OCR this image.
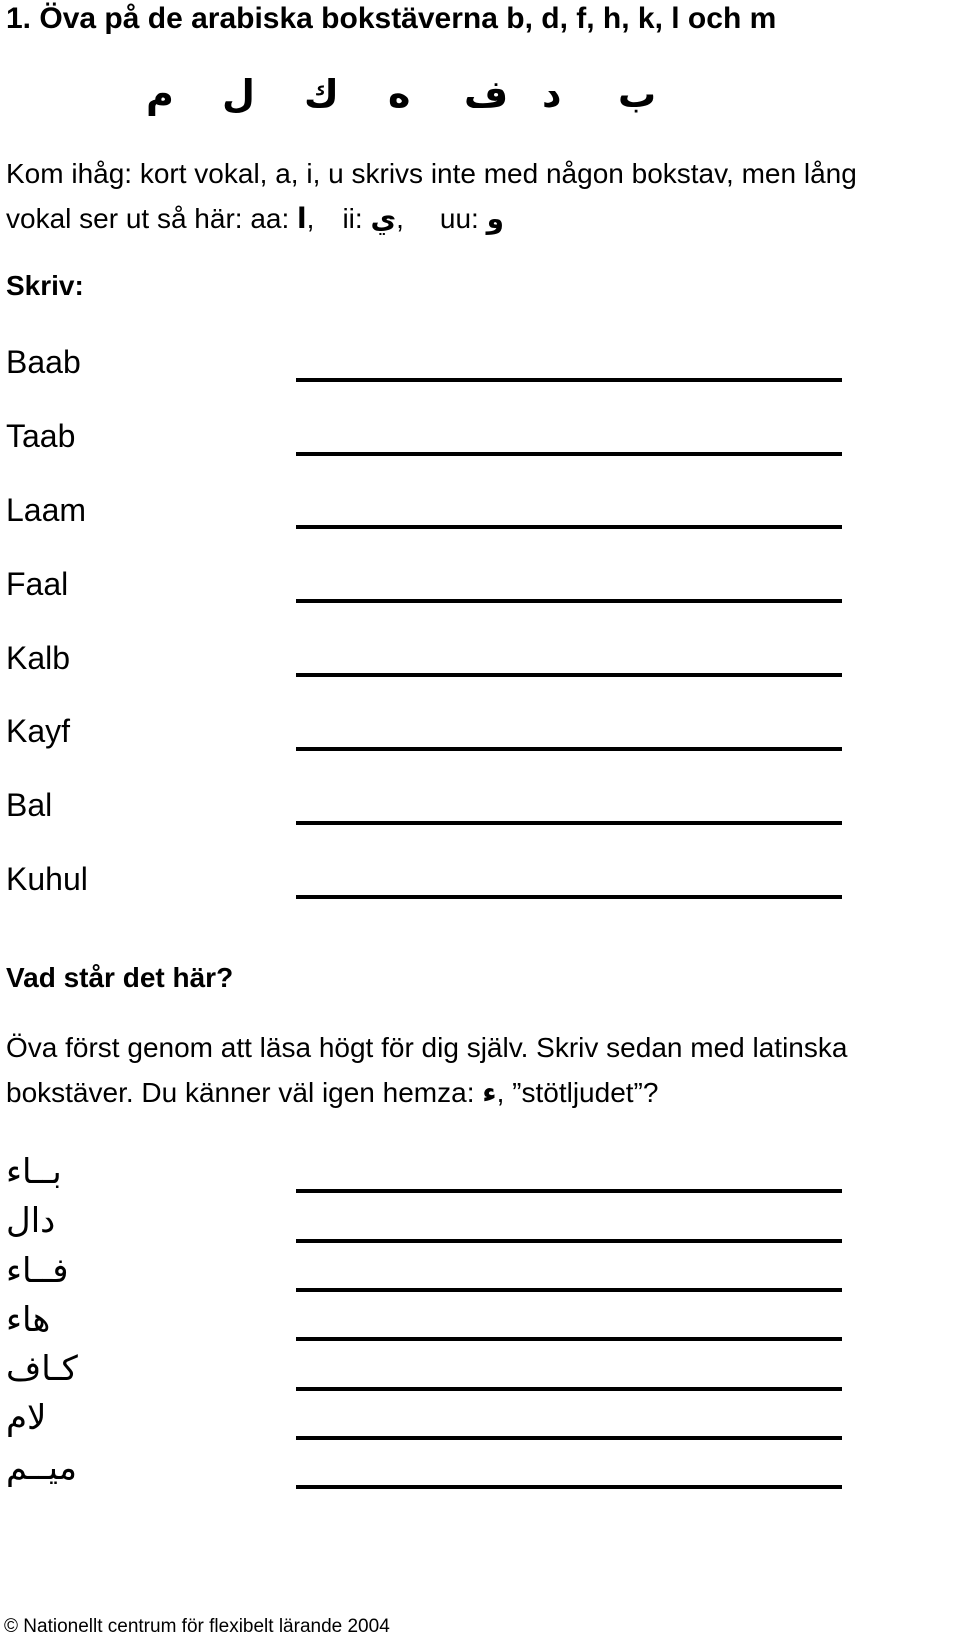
1. Öva på de arabiska bokstäverna b, d, f, h, k, l och m
ب
د
ف
ه
ك
ل
م
Kom ihåg: kort vokal, a, i, u skrivs inte med någon bokstav, men lång
vokal ser ut så här: aa: ا, ii: ي, uu: و
Skriv:
Baab
Taab
Laam
Faal
Kalb
Kayf
Bal
Kuhul
Vad står det här?
Öva först genom att läsa högt för dig själv. Skriv sedan med latinska
bokstäver. Du känner väl igen hemza: ء, ”stötljudet”?
بــاء
دال
فــاء
هاء
كـاف
لام
ميــم
© Nationellt centrum för flexibelt lärande 2004
